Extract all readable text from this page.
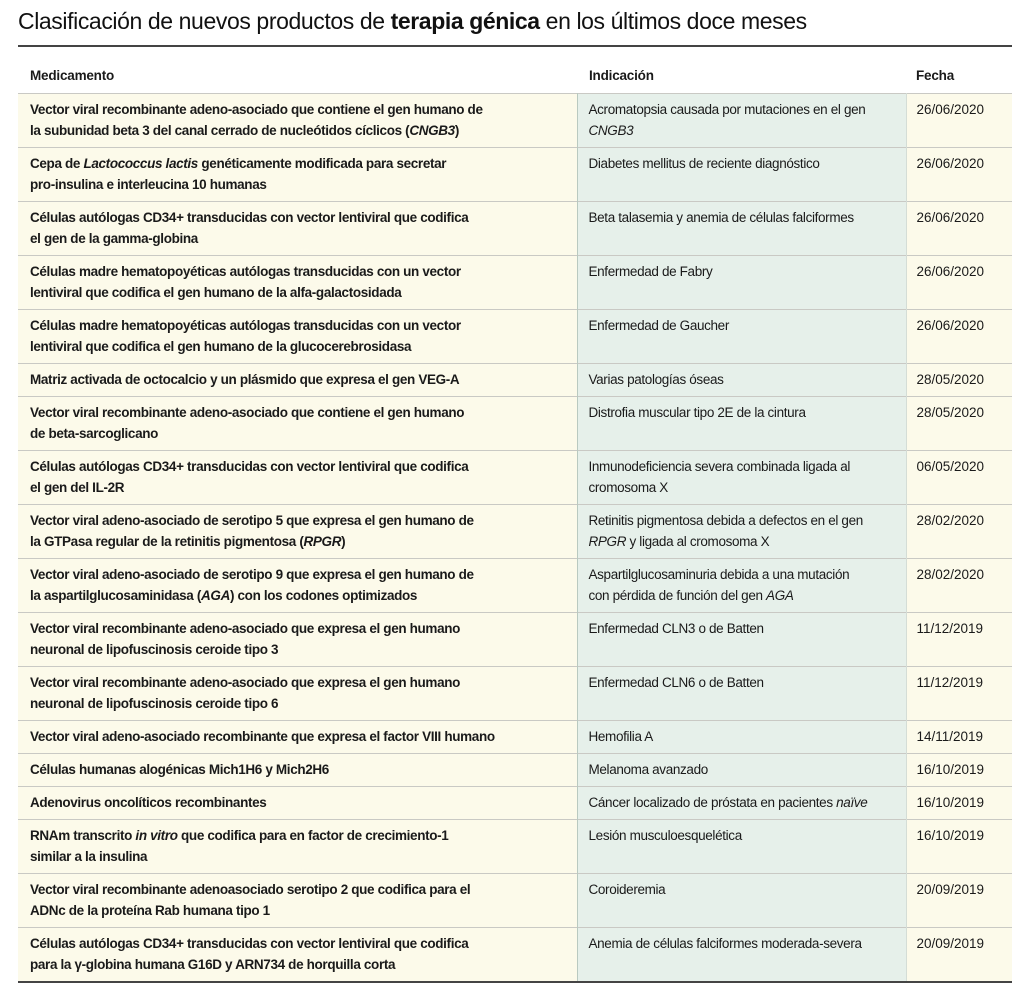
Clasificación de nuevos productos de terapia génica en los últimos doce meses
Medicamento	Indicación	Fecha
Vector viral recombinante adeno-asociado que contiene el gen humano de
la subunidad beta 3 del canal cerrado de nucleótidos cíclicos (CNGB3)	Acromatopsia causada por mutaciones en el gen
CNGB3	26/06/2020
Cepa de Lactococcus lactis genéticamente modificada para secretar
pro-insulina e interleucina 10 humanas	Diabetes mellitus de reciente diagnóstico	26/06/2020
Células autólogas CD34+ transducidas con vector lentiviral que codifica
el gen de la gamma-globina	Beta talasemia y anemia de células falciformes	26/06/2020
Células madre hematopoyéticas autólogas transducidas con un vector
lentiviral que codifica el gen humano de la alfa-galactosidada	Enfermedad de Fabry	26/06/2020
Células madre hematopoyéticas autólogas transducidas con un vector
lentiviral que codifica el gen humano de la glucocerebrosidasa	Enfermedad de Gaucher	26/06/2020
Matriz activada de octocalcio y un plásmido que expresa el gen VEG-A	Varias patologías óseas	28/05/2020
Vector viral recombinante adeno-asociado que contiene el gen humano
de beta-sarcoglicano	Distrofia muscular tipo 2E de la cintura	28/05/2020
Células autólogas CD34+ transducidas con vector lentiviral que codifica
el gen del IL-2R	Inmunodeficiencia severa combinada ligada al
cromosoma X	06/05/2020
Vector viral adeno-asociado de serotipo 5 que expresa el gen humano de
la GTPasa regular de la retinitis pigmentosa (RPGR)	Retinitis pigmentosa debida a defectos en el gen
RPGR y ligada al cromosoma X	28/02/2020
Vector viral adeno-asociado de serotipo 9 que expresa el gen humano de
la aspartilglucosaminidasa (AGA) con los codones optimizados	Aspartilglucosaminuria debida a una mutación
con pérdida de función del gen AGA	28/02/2020
Vector viral recombinante adeno-asociado que expresa el gen humano
neuronal de lipofuscinosis ceroide tipo 3	Enfermedad CLN3 o de Batten	11/12/2019
Vector viral recombinante adeno-asociado que expresa el gen humano
neuronal de lipofuscinosis ceroide tipo 6	Enfermedad CLN6 o de Batten	11/12/2019
Vector viral adeno-asociado recombinante que expresa el factor VIII humano	Hemofilia A	14/11/2019
Células humanas alogénicas Mich1H6 y Mich2H6	Melanoma avanzado	16/10/2019
Adenovirus oncolíticos recombinantes	Cáncer localizado de próstata en pacientes naïve	16/10/2019
RNAm transcrito in vitro que codifica para en factor de crecimiento-1
similar a la insulina	Lesión musculoesquelética	16/10/2019
Vector viral recombinante adenoasociado serotipo 2 que codifica para el
ADNc de la proteína Rab humana tipo 1	Coroideremia	20/09/2019
Células autólogas CD34+ transducidas con vector lentiviral que codifica
para la γ-globina humana G16D y ARN734 de horquilla corta	Anemia de células falciformes moderada-severa	20/09/2019
